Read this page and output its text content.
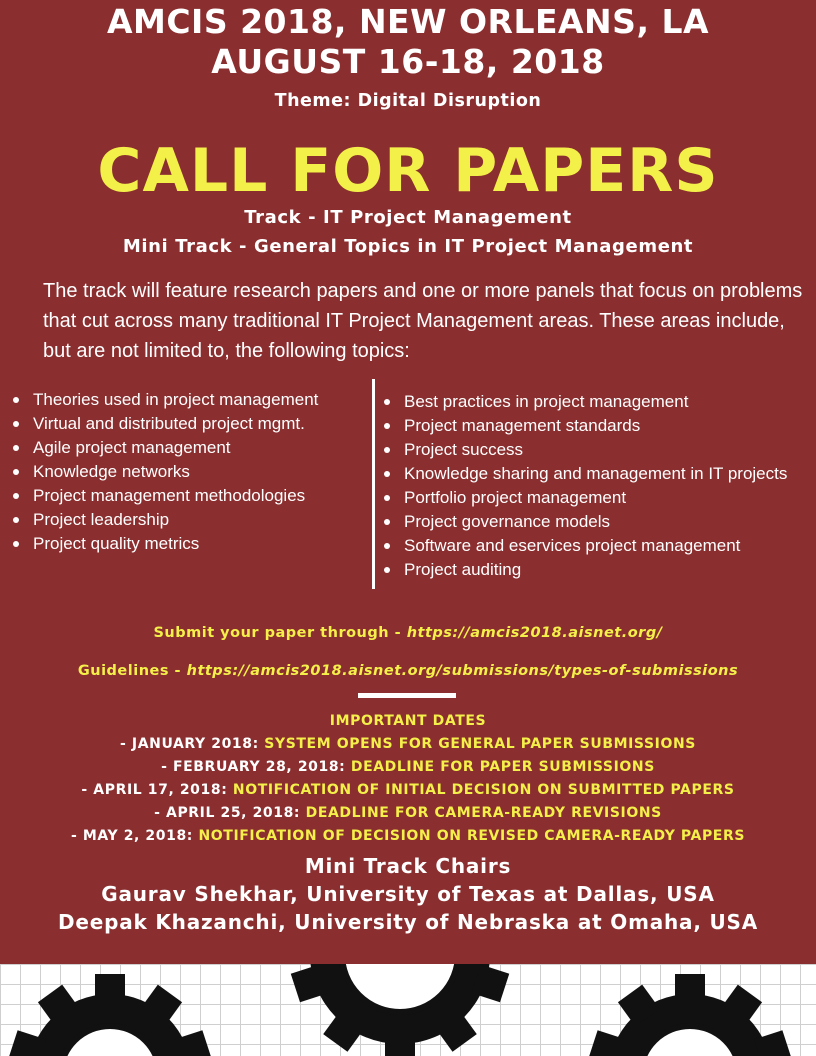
AMCIS 2018, NEW ORLEANS, LA
AUGUST 16-18, 2018
Theme: Digital Disruption
CALL FOR PAPERS
Track - IT Project Management
Mini Track - General Topics in IT Project Management
The track will feature research papers and one or more panels that focus on problems that cut across many traditional IT Project Management areas. These areas include, but are not limited to, the following topics:
Theories used in project management
Virtual and distributed project mgmt.
Agile project management
Knowledge networks
Project management methodologies
Project leadership
Project quality metrics
Best practices in project management
Project management standards
Project success
Knowledge sharing and management in IT projects
Portfolio project management
Project governance models
Software and eservices project management
Project auditing
Submit your paper through - https://amcis2018.aisnet.org/
Guidelines - https://amcis2018.aisnet.org/submissions/types-of-submissions
IMPORTANT DATES
- JANUARY 2018: SYSTEM OPENS FOR GENERAL PAPER SUBMISSIONS
- FEBRUARY 28, 2018: DEADLINE FOR PAPER SUBMISSIONS
- APRIL 17, 2018: NOTIFICATION OF INITIAL DECISION ON SUBMITTED PAPERS
- APRIL 25, 2018: DEADLINE FOR CAMERA-READY REVISIONS
- MAY 2, 2018: NOTIFICATION OF DECISION ON REVISED CAMERA-READY PAPERS
Mini Track Chairs
Gaurav Shekhar, University of Texas at Dallas, USA
Deepak Khazanchi, University of Nebraska at Omaha, USA
